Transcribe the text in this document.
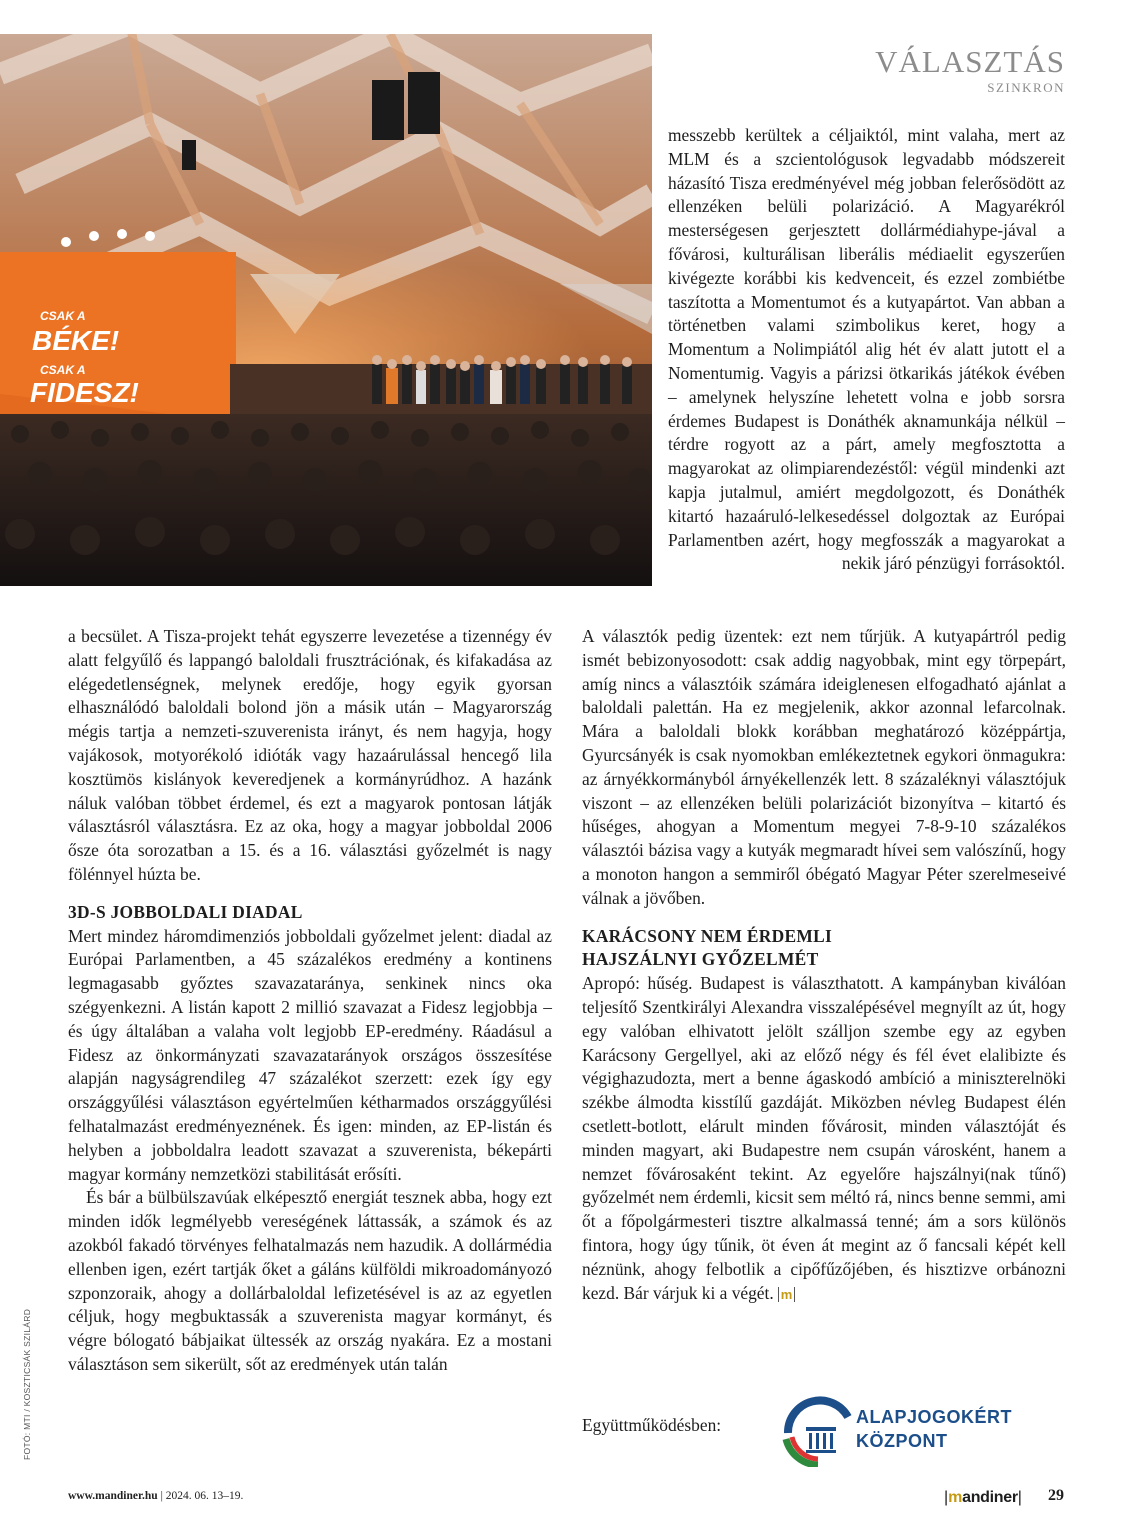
VÁLASZTÁS
SZINKRON
CSAK A
BÉKE!
CSAK A
FIDESZ!

messzebb kerültek a céljaiktól, mint valaha, mert az MLM és a szcientológusok legvadabb módszereit házasító Tisza eredményével még jobban felerősödött az ellenzéken belüli polarizáció. A Magyarékról mesterségesen gerjesztett dollármédiahype-jával a fővárosi, kulturálisan liberális médiaelit egyszerűen kivégezte korábbi kis kedvenceit, és ezzel zombiétbe taszította a Momentumot és a kutyapártot. Van abban a történetben valami szimbolikus keret, hogy a Momentum a Nolimpiától alig hét év alatt jutott el a Nomentumig. Vagyis a párizsi ötkarikás játékok évében – amelynek helyszíne lehetett volna e jobb sorsra érdemes Budapest is Donáthék aknamunkája nélkül – térdre rogyott az a párt, amely megfosztotta a magyarokat az olimpiarendezéstől: végül mindenki azt kapja jutalmul, amiért megdolgozott, és Donáthék kitartó hazaáruló-lelkesedéssel dolgoztak az Európai Parlamentben azért, hogy megfosszák a magyarokat a nekik járó pénzügyi forrásoktól.

a becsület. A Tisza-projekt tehát egyszerre levezetése a tizennégy év alatt felgyűlő és lappangó baloldali frusztrációnak, és kifakadása az elégedetlenségnek, melynek eredője, hogy egyik gyorsan elhasználódó baloldali bolond jön a másik után – Magyarország mégis tartja a nemzeti-szuverenista irányt, és nem hagyja, hogy vajákosok, motyorékoló idióták vagy hazaárulással hencegő lila kosztümös kislányok keveredjenek a kormányrúdhoz. A hazánk náluk valóban többet érdemel, és ezt a magyarok pontosan látják választásról választásra. Ez az oka, hogy a magyar jobboldal 2006 ősze óta sorozatban a 15. és a 16. választási győzelmét is nagy fölénnyel húzta be.

3D-S JOBBOLDALI DIADAL

Mert mindez háromdimenziós jobboldali győzelmet jelent: diadal az Európai Parlamentben, a 45 százalékos eredmény a kontinens legmagasabb győztes szavazataránya, senkinek nincs oka szégyenkezni. A listán kapott 2 millió szavazat a Fidesz legjobbja – és úgy általában a valaha volt legjobb EP-eredmény. Ráadásul a Fidesz az önkormányzati szavazatarányok országos összesítése alapján nagyságrendileg 47 százalékot szerzett: ezek így egy országgyűlési választáson egyértelműen kétharmados országgyűlési felhatalmazást eredményeznének. És igen: minden, az EP-listán és helyben a jobboldalra leadott szavazat a szuverenista, békepárti magyar kormány nemzetközi stabilitását erősíti.

És bár a bülbülszavúak elképesztő energiát tesznek abba, hogy ezt minden idők legmélyebb vereségének láttassák, a számok és az azokból fakadó törvényes felhatalmazás nem hazudik. A dollármédia ellenben igen, ezért tartják őket a gáláns külföldi mikroadományozó szponzoraik, ahogy a dollárbaloldal lefizetésével is az az egyetlen céljuk, hogy megbuktassák a szuverenista magyar kormányt, és végre bólogató bábjaikat ültessék az ország nyakára. Ez a mostani választáson sem sikerült, sőt az eredmények után talán

A választók pedig üzentek: ezt nem tűrjük. A kutyapártról pedig ismét bebizonyosodott: csak addig nagyobbak, mint egy törpepárt, amíg nincs a választóik számára ideiglenesen elfogadható ajánlat a baloldali palettán. Ha ez megjelenik, akkor azonnal lefarcolnak. Mára a baloldali blokk korábban meghatározó középpártja, Gyurcsányék is csak nyomokban emlékeztetnek egykori önmagukra: az árnyékkormányból árnyékellenzék lett. 8 százaléknyi választójuk viszont – az ellenzéken belüli polarizációt bizonyítva – kitartó és hűséges, ahogyan a Momentum megyei 7-8-9-10 százalékos választói bázisa vagy a kutyák megmaradt hívei sem valószínű, hogy a monoton hangon a semmiről óbégató Magyar Péter szerelmeseivé válnak a jövőben.

KARÁCSONY NEM ÉRDEMLI
HAJSZÁLNYI GYŐZELMÉT

Apropó: hűség. Budapest is választhatott. A kampányban kiválóan teljesítő Szentkirályi Alexandra visszalépésével megnyílt az út, hogy egy valóban elhivatott jelölt szálljon szembe egy az egyben Karácsony Gergellyel, aki az előző négy és fél évet elalibizte és végighazudozta, mert a benne ágaskodó ambíció a miniszterelnöki székbe álmodta kisstílű gazdáját. Miközben névleg Budapest élén csetlett-botlott, elárult minden fővárosit, minden választóját és minden magyart, aki Budapestre nem csupán városként, hanem a nemzet fővárosaként tekint. Az egyelőre hajszálnyi(nak tűnő) győzelmét nem érdemli, kicsit sem méltó rá, nincs benne semmi, ami őt a főpolgármesteri tisztre alkalmassá tenné; ám a sors különös fintora, hogy úgy tűnik, öt éven át megint az ő fancsali képét kell néznünk, ahogy felbotlik a cipőfűzőjében, és hisztizve orbánozni kezd. Bár várjuk ki a végét. m

Együttműködésben:	ALAPJOGOKÉRT
KÖZPONT
FOTÓ: MTI / KOSZTICSÁK SZILÁRD
www.mandiner.hu | 2024. 06. 13–19.	|mandiner| 29
